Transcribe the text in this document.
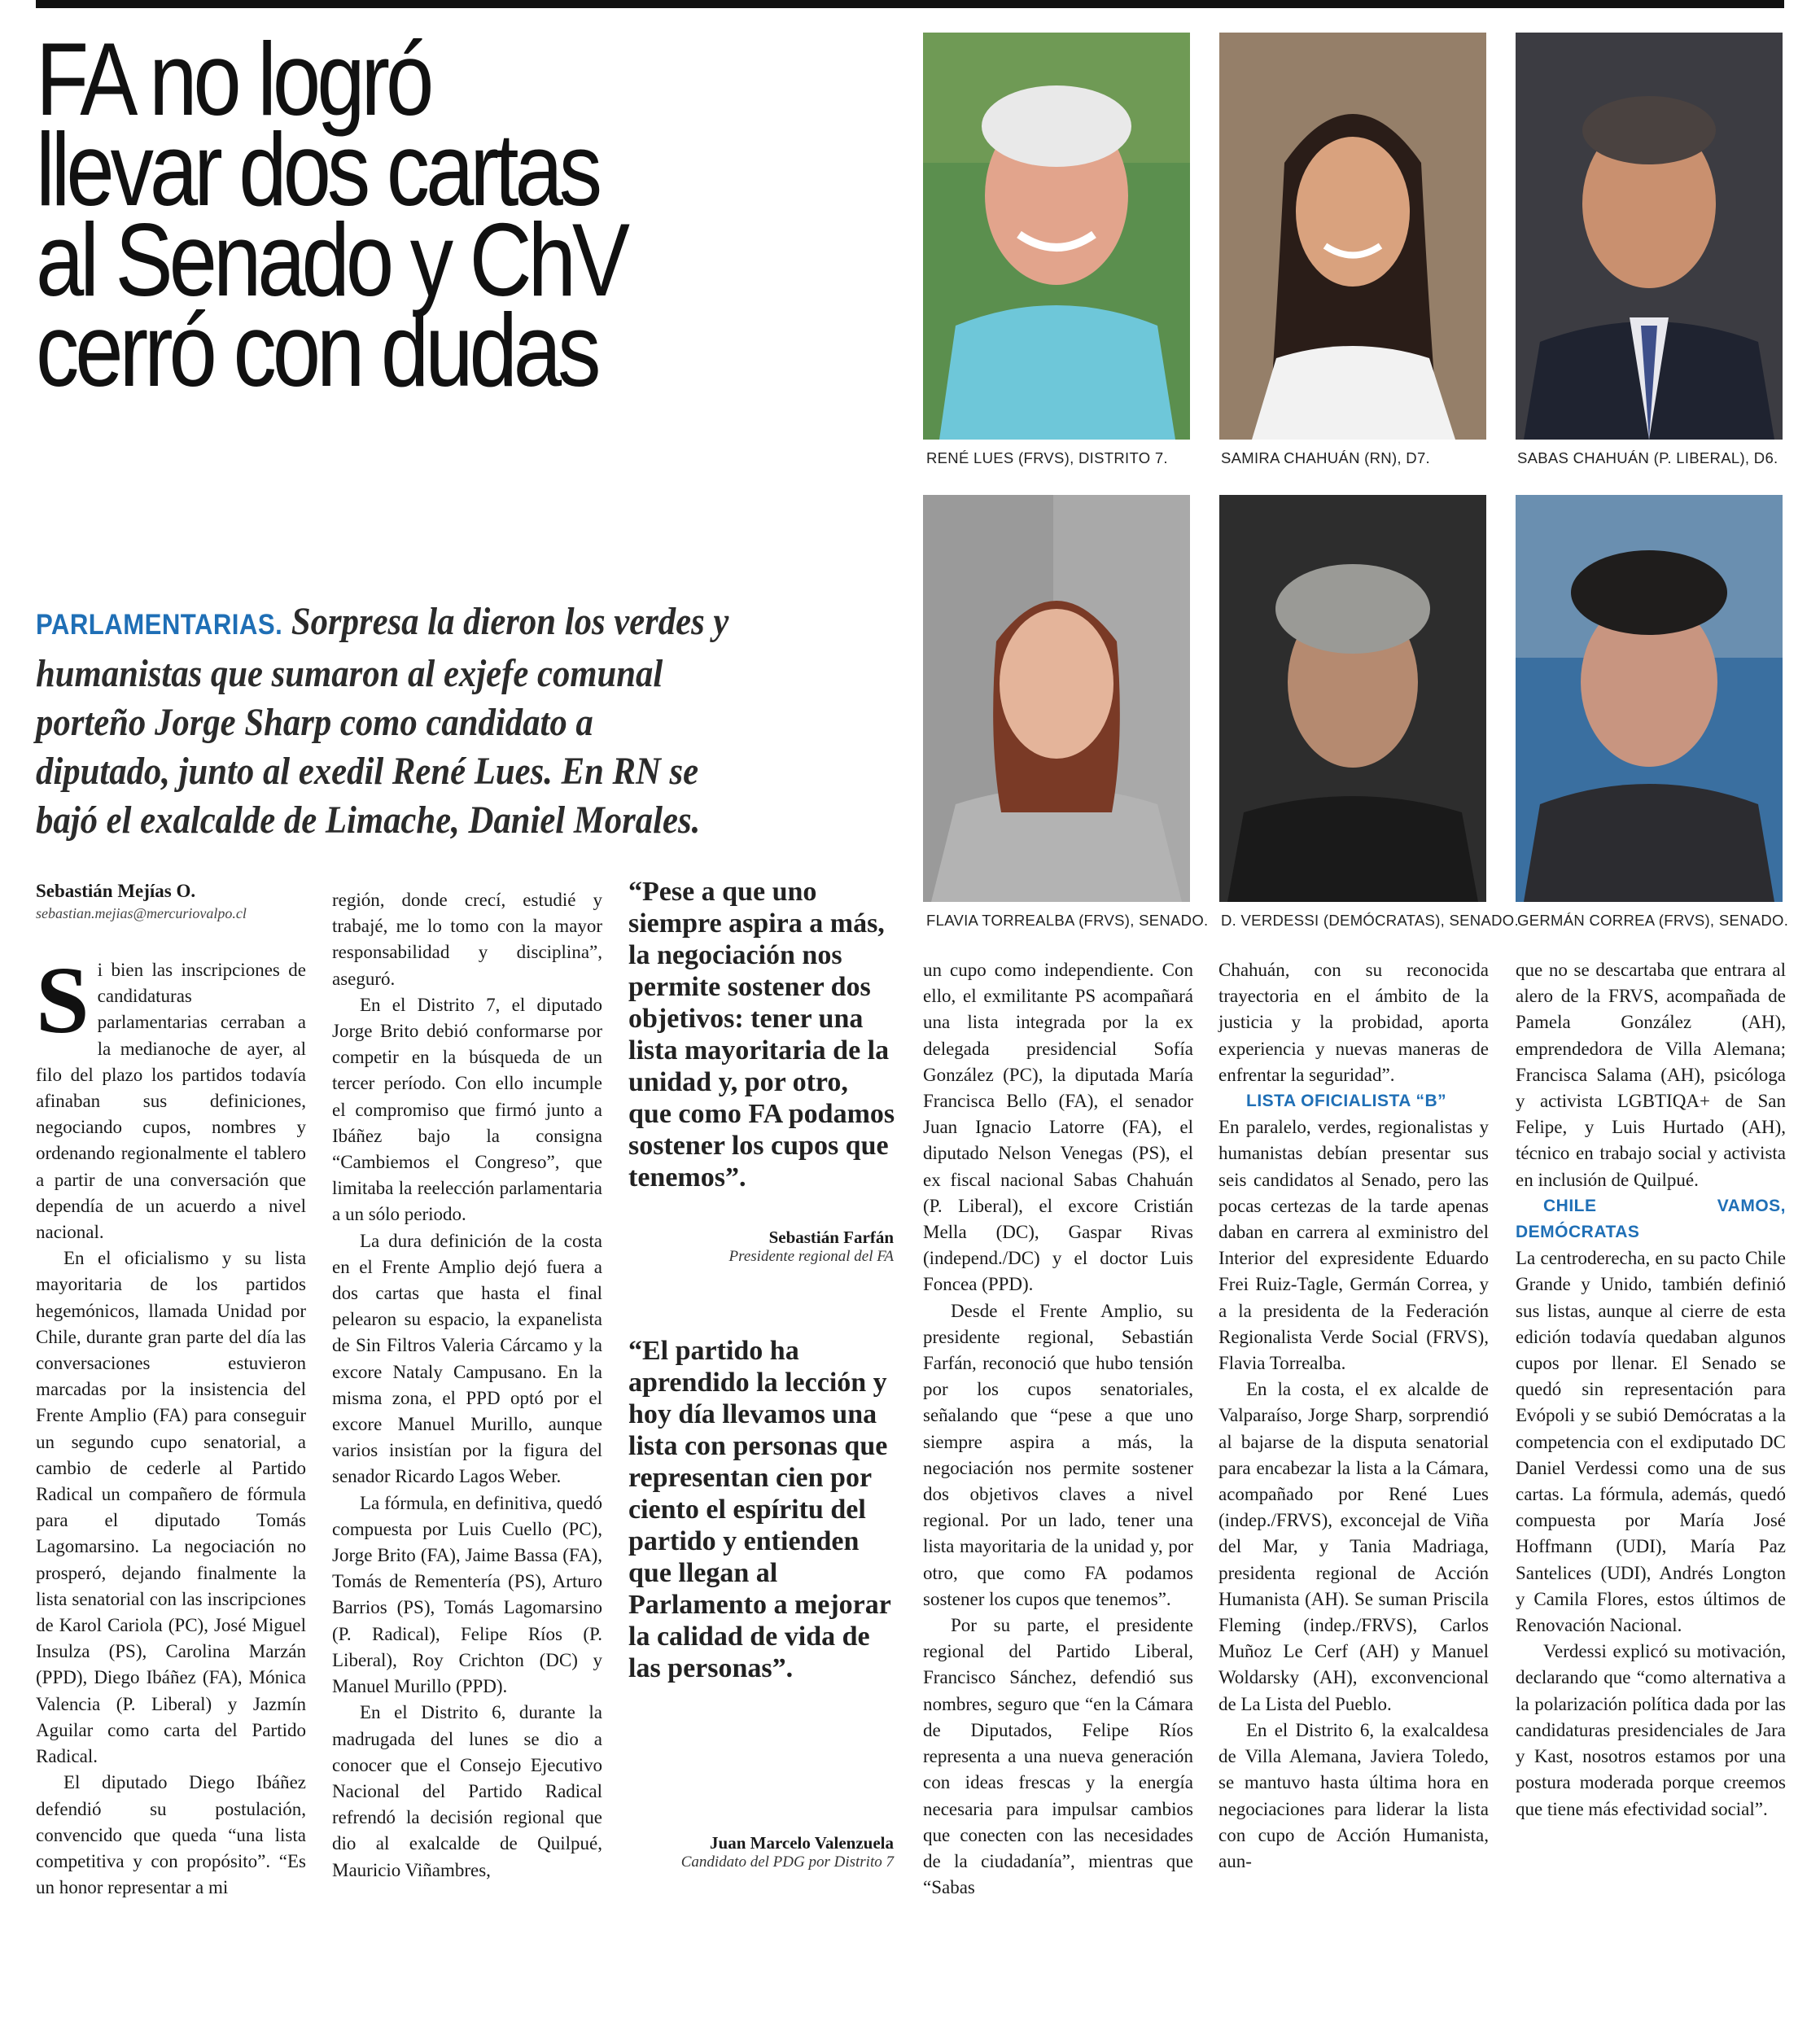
FA no logró
llevar dos cartas
al Senado y ChV
cerró con dudas
PARLAMENTARIAS. Sorpresa la dieron los verdes y
humanistas que sumaron al exjefe comunal
porteño Jorge Sharp como candidato a
diputado, junto al exedil René Lues. En RN se
bajó el exalcalde de Limache, Daniel Morales.
RENÉ LUES (FRVS), DISTRITO 7.	SAMIRA CHAHUÁN (RN), D7.	SABAS CHAHUÁN (P. LIBERAL), D6.
FLAVIA TORREALBA (FRVS), SENADO. D. VERDESSI (DEMÓCRATAS), SENADO.
GERMÁN CORREA (FRVS), SENADO.
Sebastián Mejías O.
sebastian.mejias@mercuriovalpo.cl
S i bien las inscripciones de candidaturas parlamentarias cerraban a la medianoche de ayer, al filo del plazo los partidos todavía afinaban sus definiciones, negociando cupos, nombres y ordenando regionalmente el tablero a partir de una conversación que dependía de un acuerdo a nivel nacional.

En el oficialismo y su lista mayoritaria de los partidos hegemónicos, llamada Unidad por Chile, durante gran parte del día las conversaciones estuvieron marcadas por la insistencia del Frente Amplio (FA) para conseguir un segundo cupo senatorial, a cambio de cederle al Partido Radical un compañero de fórmula para el diputado Tomás Lagomarsino. La negociación no prosperó, dejando finalmente la lista senatorial con las inscripciones de Karol Cariola (PC), José Miguel Insulza (PS), Carolina Marzán (PPD), Diego Ibáñez (FA), Mónica Valencia (P. Liberal) y Jazmín Aguilar como carta del Partido Radical.

El diputado Diego Ibáñez defendió su postulación, convencido que queda “una lista competitiva y con propósito”. “Es un honor representar a mi

región, donde crecí, estudié y trabajé, me lo tomo con la mayor responsabilidad y disciplina”, aseguró.

En el Distrito 7, el diputado Jorge Brito debió conformarse por competir en la búsqueda de un tercer período. Con ello incumple el compromiso que firmó junto a Ibáñez bajo la consigna “Cambiemos el Congreso”, que limitaba la reelección parlamentaria a un sólo periodo.

La dura definición de la costa en el Frente Amplio dejó fuera a dos cartas que hasta el final pelearon su espacio, la expanelista de Sin Filtros Valeria Cárcamo y la excore Nataly Campusano. En la misma zona, el PPD optó por el excore Manuel Murillo, aunque varios insistían por la figura del senador Ricardo Lagos Weber.

La fórmula, en definitiva, quedó compuesta por Luis Cuello (PC), Jorge Brito (FA), Jaime Bassa (FA), Tomás de Rementería (PS), Arturo Barrios (PS), Tomás Lagomarsino (P. Radical), Felipe Ríos (P. Liberal), Roy Crichton (DC) y Manuel Murillo (PPD).

En el Distrito 6, durante la madrugada del lunes se dio a conocer que el Consejo Ejecutivo Nacional del Partido Radical refrendó la decisión regional que dio al exalcalde de Quilpué, Mauricio Viñambres,

“Pese a que uno siempre aspira a más, la negociación nos permite sostener dos objetivos: tener una lista mayoritaria de la unidad y, por otro, que como FA podamos sostener los cupos que tenemos”.

Sebastián Farfán
Presidente regional del FA

“El partido ha aprendido la lección y hoy día llevamos una lista con personas que representan cien por ciento el espíritu del partido y entienden que llegan al Parlamento a mejorar la calidad de vida de las personas”.

Juan Marcelo Valenzuela
Candidato del PDG por Distrito 7

un cupo como independiente. Con ello, el exmilitante PS acompañará una lista integrada por la ex delegada presidencial Sofía González (PC), la diputada María Francisca Bello (FA), el senador Juan Ignacio Latorre (FA), el diputado Nelson Venegas (PS), el ex fiscal nacional Sabas Chahuán (P. Liberal), el excore Cristián Mella (DC), Gaspar Rivas (independ./DC) y el doctor Luis Foncea (PPD).

Desde el Frente Amplio, su presidente regional, Sebastián Farfán, reconoció que hubo tensión por los cupos senatoriales, señalando que “pese a que uno siempre aspira a más, la negociación nos permite sostener dos objetivos claves a nivel regional. Por un lado, tener una lista mayoritaria de la unidad y, por otro, que como FA podamos sostener los cupos que tenemos”.

Por su parte, el presidente regional del Partido Liberal, Francisco Sánchez, defendió sus nombres, seguro que “en la Cámara de Diputados, Felipe Ríos representa a una nueva generación con ideas frescas y la energía necesaria para impulsar cambios que conecten con las necesidades de la ciudadanía”, mientras que “Sabas

Chahuán, con su reconocida trayectoria en el ámbito de la justicia y la probidad, aporta experiencia y nuevas maneras de enfrentar la seguridad”.

LISTA OFICIALISTA “B”

En paralelo, verdes, regionalistas y humanistas debían presentar sus seis candidatos al Senado, pero las pocas certezas de la tarde apenas daban en carrera al exministro del Interior del expresidente Eduardo Frei Ruiz-Tagle, Germán Correa, y a la presidenta de la Federación Regionalista Verde Social (FRVS), Flavia Torrealba.

En la costa, el ex alcalde de Valparaíso, Jorge Sharp, sorprendió al bajarse de la disputa senatorial para encabezar la lista a la Cámara, acompañado por René Lues (indep./FRVS), exconcejal de Viña del Mar, y Tania Madriaga, presidenta regional de Acción Humanista (AH). Se suman Priscila Fleming (indep./FRVS), Carlos Muñoz Le Cerf (AH) y Manuel Woldarsky (AH), exconvencional de La Lista del Pueblo.

En el Distrito 6, la exalcaldesa de Villa Alemana, Javiera Toledo, se mantuvo hasta última hora en negociaciones para liderar la lista con cupo de Acción Humanista, aun-

que no se descartaba que entrara al alero de la FRVS, acompañada de Pamela González (AH), emprendedora de Villa Alemana; Francisca Salama (AH), psicóloga y activista LGBTIQA+ de San Felipe, y Luis Hurtado (AH), técnico en trabajo social y activista en inclusión de Quilpué.

CHILE VAMOS, DEMÓCRATAS

La centroderecha, en su pacto Chile Grande y Unido, también definió sus listas, aunque al cierre de esta edición todavía quedaban algunos cupos por llenar. El Senado se quedó sin representación para Evópoli y se subió Demócratas a la competencia con el exdiputado DC Daniel Verdessi como una de sus cartas. La fórmula, además, quedó compuesta por María José Hoffmann (UDI), María Paz Santelices (UDI), Andrés Longton y Camila Flores, estos últimos de Renovación Nacional.

Verdessi explicó su motivación, declarando que “como alternativa a la polarización política dada por las candidaturas presidenciales de Jara y Kast, nosotros estamos por una postura moderada porque creemos que tiene más efectividad social”.
